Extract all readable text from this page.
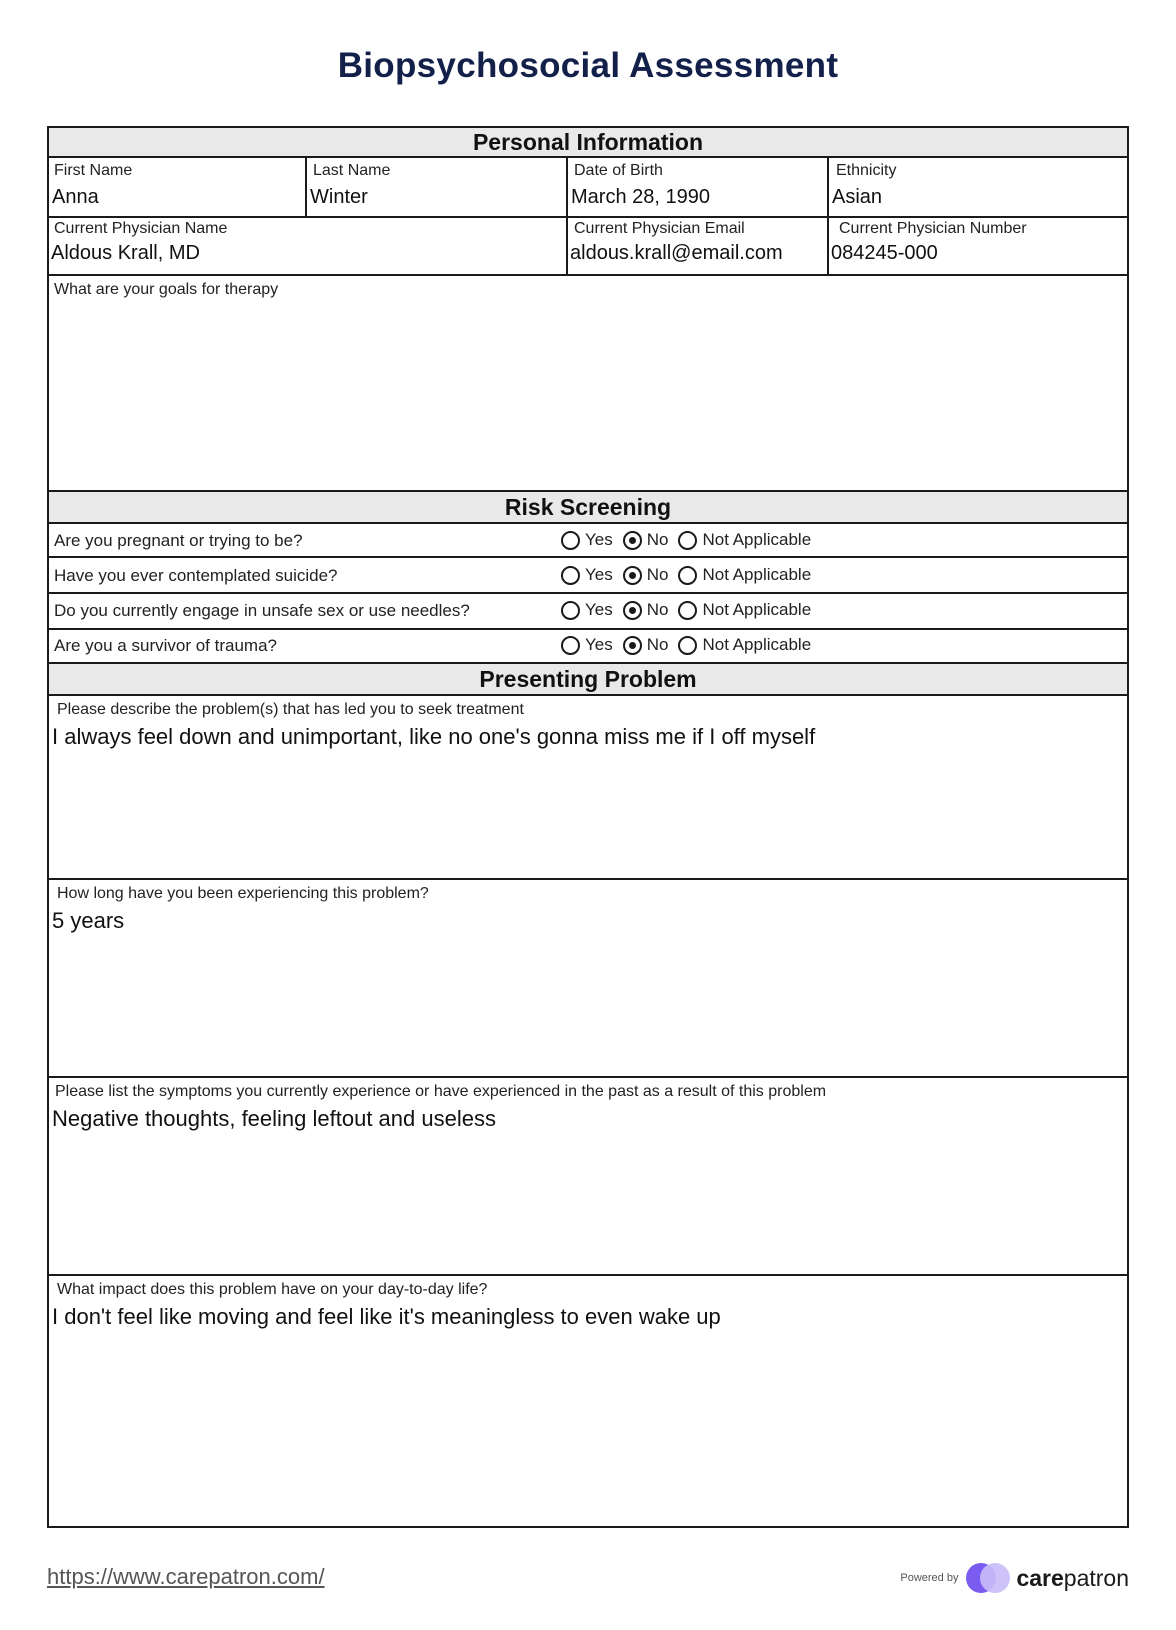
Biopsychosocial Assessment
Personal Information
First Name
Anna
Last Name
Winter
Date of Birth
March 28, 1990
Ethnicity
Asian
Current Physician Name
Aldous Krall, MD
Current Physician Email
aldous.krall@email.com
Current Physician Number
084245-000
What are your goals for therapy
Risk Screening
Are you pregnant or trying to be?	Yes No Not Applicable
Have you ever contemplated suicide?	Yes No Not Applicable
Do you currently engage in unsafe sex or use needles?	Yes No Not Applicable
Are you a survivor of trauma?	Yes No Not Applicable
Presenting Problem
Please describe the problem(s) that has led you to seek treatment
I always feel down and unimportant, like no one's gonna miss me if I off myself
How long have you been experiencing this problem?
5 years
Please list the symptoms you currently experience or have experienced in the past as a result of this problem
Negative thoughts, feeling leftout and useless
What impact does this problem have on your day-to-day life?
I don't feel like moving and feel like it's meaningless to even wake up
https://www.carepatron.com/	Powered by	carepatron
